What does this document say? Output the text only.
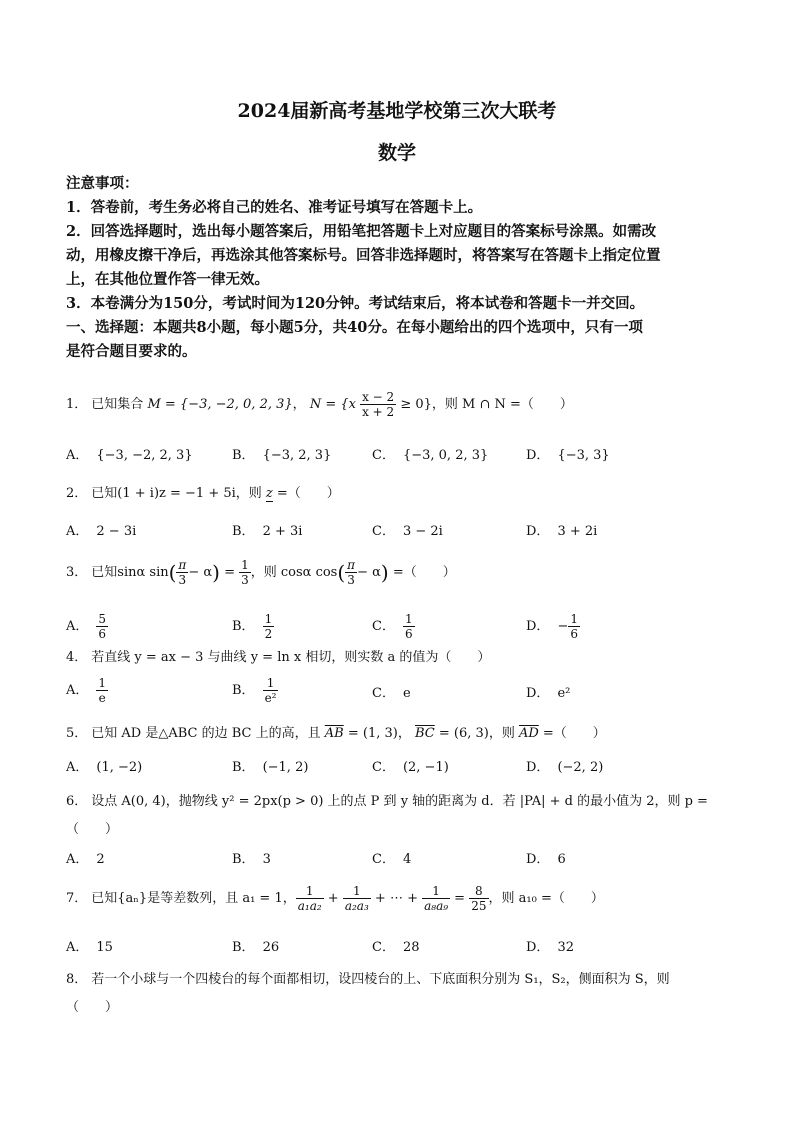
2024届新高考基地学校第三次大联考
数学
注意事项：
1．答卷前，考生务必将自己的姓名、准考证号填写在答题卡上。
2．回答选择题时，选出每小题答案后，用铅笔把答题卡上对应题目的答案标号涂黑。如需改
动，用橡皮擦干净后，再选涂其他答案标号。回答非选择题时，将答案写在答题卡上指定位置
上，在其他位置作答一律无效。
3．本卷满分为150分，考试时间为120分钟。考试结束后，将本试卷和答题卡一并交回。
一、选择题：本题共8小题，每小题5分，共40分。在每小题给出的四个选项中，只有一项
是符合题目要求的。
1． 已知集合 M = {−3, −2, 0, 2, 3}， $N = \{x \frac{x - 2}{x + 2} \ge 0\}$，则 M ∩ N =（　　）
A． {−3, −2, 2, 3}	B． {−3, 2, 3}	C． {−3, 0, 2, 3}	D． {−3, 3}
2． 已知(1 + i)z = −1 + 5i，则 z =（　　）
A． 2 − 3i	B． 2 + 3i	C． 3 − 2i	D． 3 + 2i
3． 已知sinα $\sin( \frac{\pi}{3} - \alpha) = \frac{1}{3}$ ，则 cosα $\cos( \frac{\pi}{3} - \alpha)$ =（　　）
A． $\frac{5}{6}$	B． $\frac{1}{2}$	C． $\frac{1}{6}$	D． − $\frac{1}{6}$
4． 若直线 y = ax − 3 与曲线 y = ln x 相切，则实数 a 的值为（　　）
A． $\frac{1}{e}$	B． $\frac{1}{\text{e²}}$	C． e	D． e²
5． 已知 AD 是△ABC 的边 BC 上的高，且 $\overline{AB} = (1$, 3)， $\overline{BC} = (6$, 3)，则 $\overline{AD}$ =（　　）
A． (1, −2)	B． (−1, 2)	C． (2, −1)	D． (−2, 2)
6． 设点 A(0, 4)，抛物线 y² = 2px(p > 0) 上的点 P 到 y 轴的距离为 d．若 |PA| + d 的最小值为 2，则 p =
（　　）
A． 2	B． 3	C． 4	D． 6
7． 已知{aₙ}是等差数列，且 a₁ = 1， $\frac{1}{\text{a₁a₂}} + \frac{1}{\text{a₂a₃}}$ + ⋯ + $\frac{1}{\text{a₈a₉}} = \frac{8}{25}$ ，则 a₁₀ =（　　）
A． 15	B． 26	C． 28	D． 32
8． 若一个小球与一个四棱台的每个面都相切，设四棱台的上、下底面积分别为 S₁，S₂，侧面积为 S，则
（　　）
